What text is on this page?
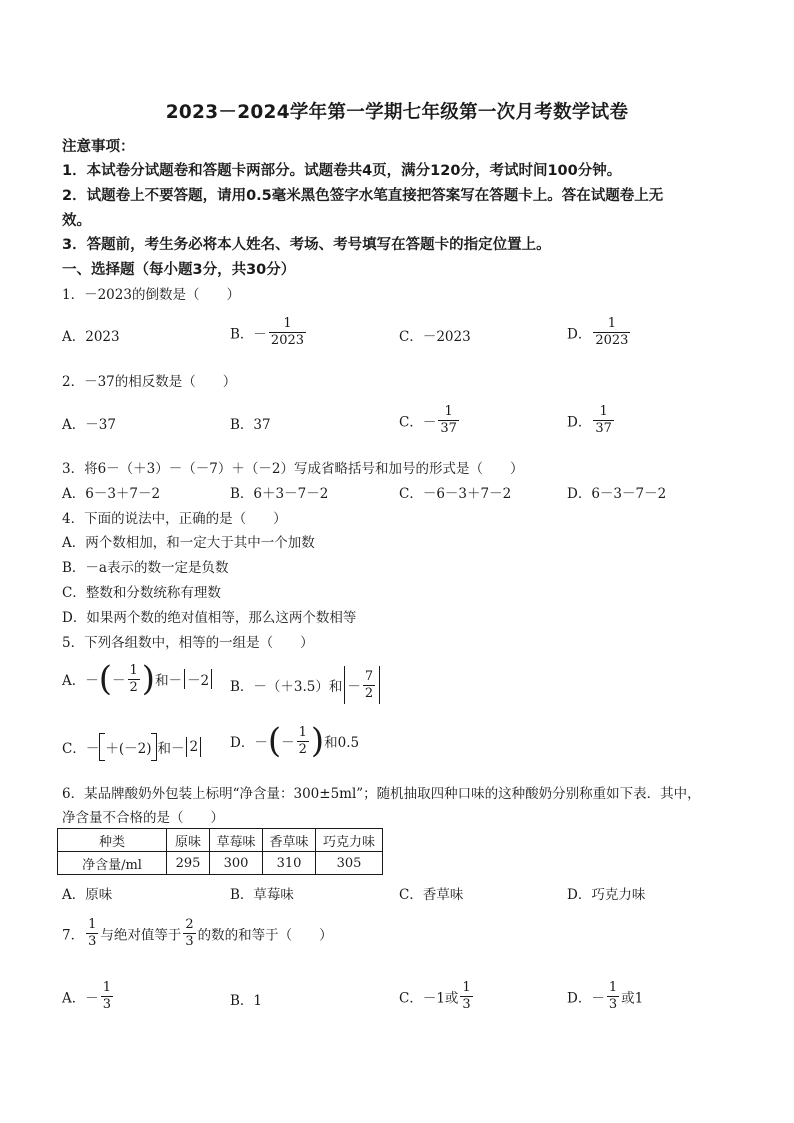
2023－2024学年第一学期七年级第一次月考数学试卷
注意事项：
1．本试卷分试题卷和答题卡两部分。试题卷共4页，满分120分，考试时间100分钟。
2．试题卷上不要答题，请用0.5毫米黑色签字水笔直接把答案写在答题卡上。答在试题卷上无
效。
3．答题前，考生务必将本人姓名、考场、考号填写在答题卡的指定位置上。
一、选择题（每小题3分，共30分）
1．－2023的倒数是（　　）
A．2023	B．－ $\frac{1}{2023}$	C．－2023	D． $\frac{1}{2023}$
2．－37的相反数是（　　）
A．－37	B．37	C．－ $\frac{1}{37}$	D． $\frac{1}{37}$
3．将6－（＋3）－（－7）＋（－2）写成省略括号和加号的形式是（　　）
A．6－3＋7－2	B．6＋3－7－2	C．－6－3＋7－2	D．6－3－7－2
4．下面的说法中，正确的是（　　）
A．两个数相加，和一定大于其中一个加数
B．－a表示的数一定是负数
C．整数和分数统称有理数
D．如果两个数的绝对值相等，那么这两个数相等
5．下列各组数中，相等的一组是（　　）
A．－(－ $\frac{1}{2}$ )和－ －2	B．－（＋3.5）和 － $\frac{7}{2}$
C．－ ＋(－2) 和－ 2	D．－(－ $\frac{1}{2}$ )和0.5
6．某品牌酸奶外包装上标明“净含量：300±5ml”；随机抽取四种口味的这种酸奶分别称重如下表．其中，
净含量不合格的是（　　）
种类	原味	草莓味	香草味	巧克力味
净含量/ml	295	300	310	305
A．原味	B．草莓味	C．香草味	D．巧克力味
7． $\frac{1}{3}$ 与绝对值等于 $\frac{2}{3}$ 的数的和等于（　　）
A．－ $\frac{1}{3}$	B．1	C．－1或 $\frac{1}{3}$	D．－ $\frac{1}{3}$ 或1
